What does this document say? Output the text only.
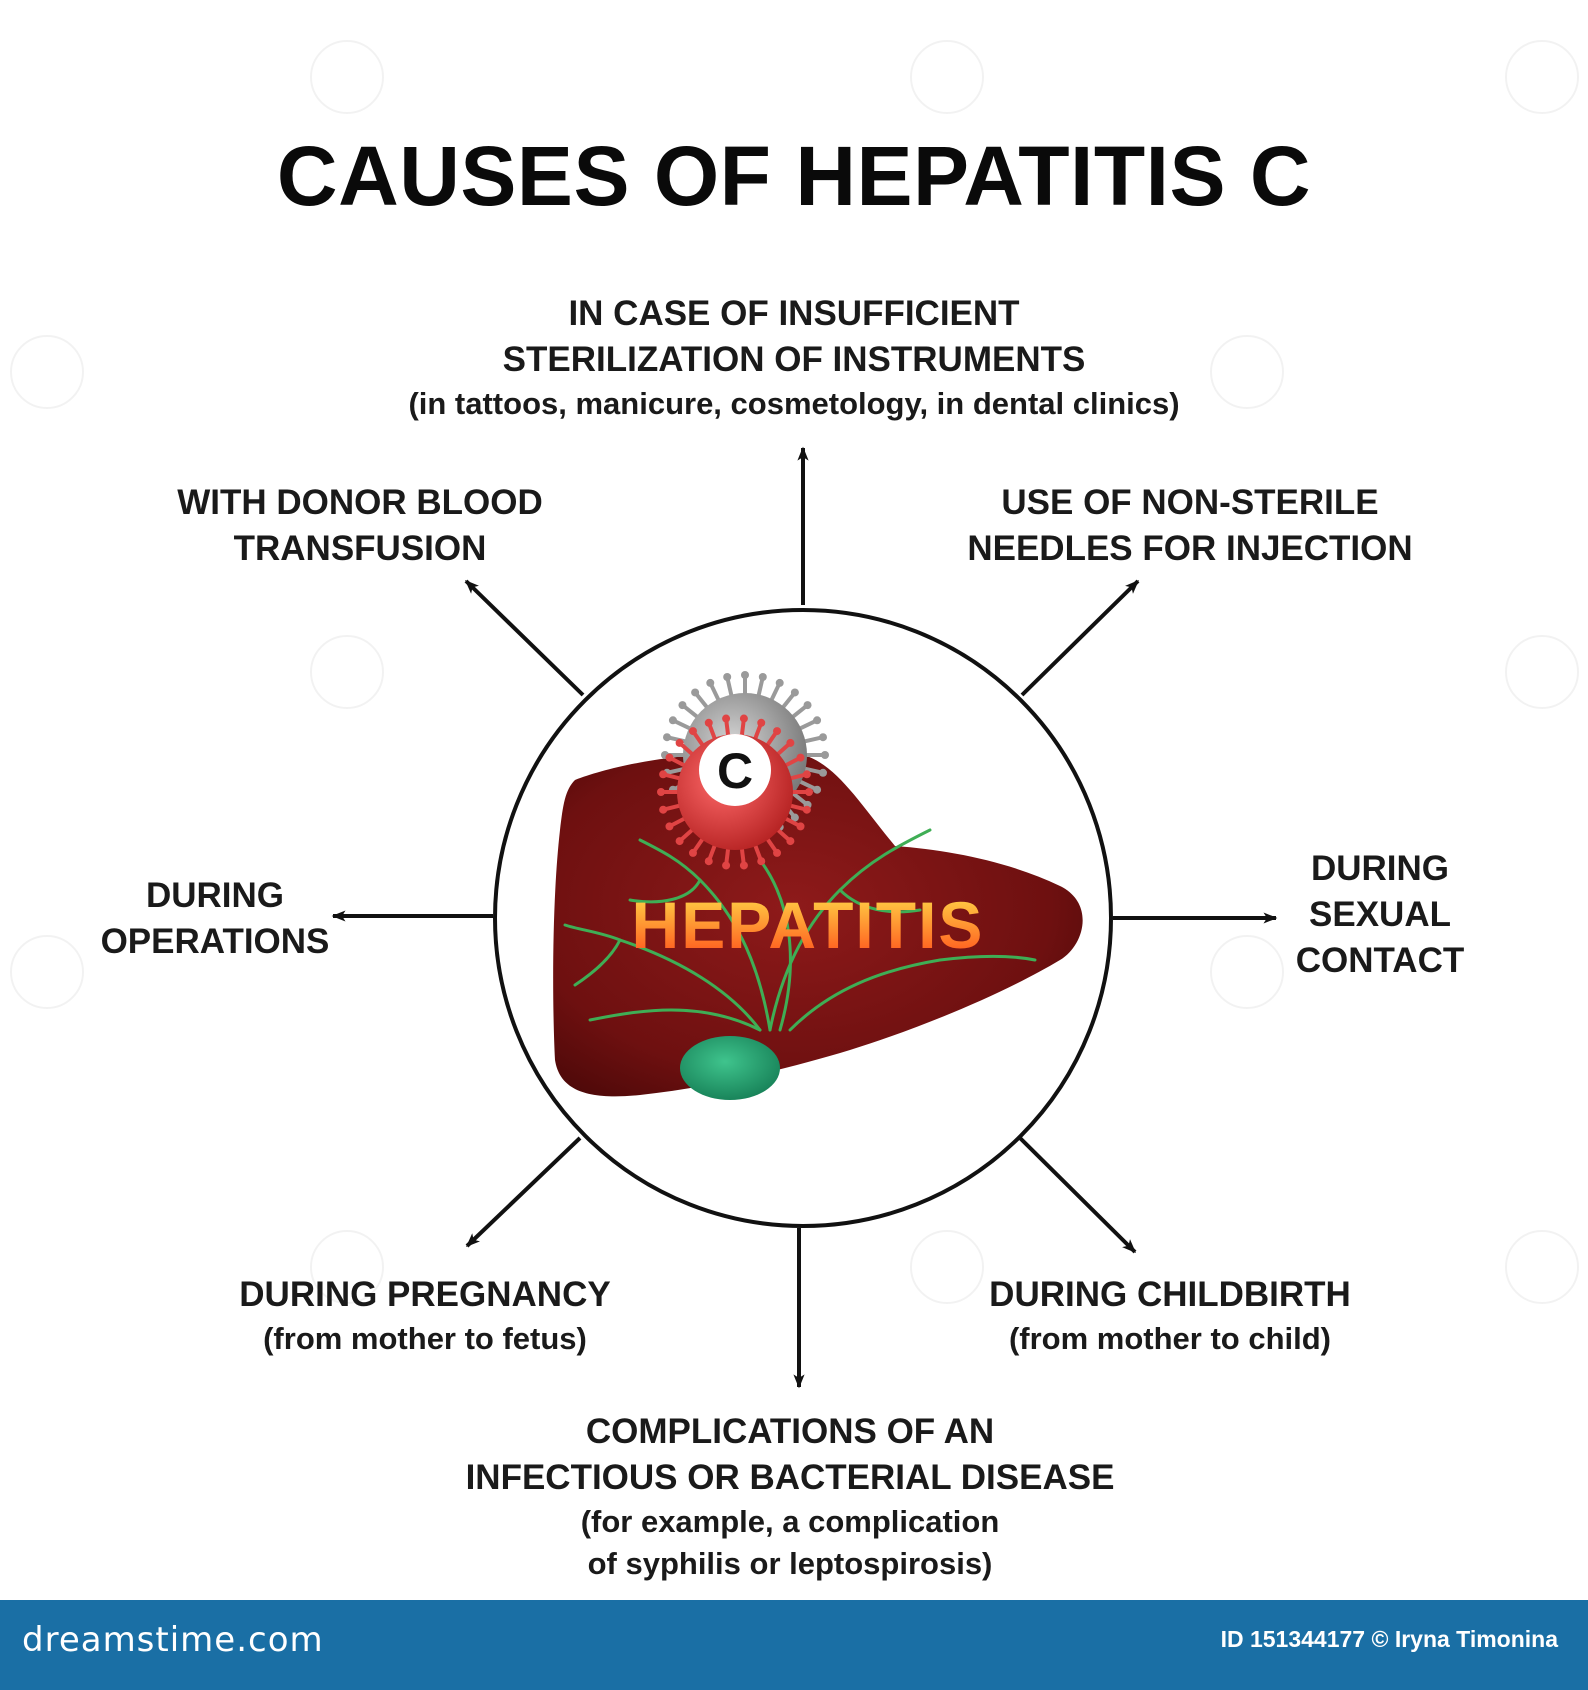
CAUSES OF HEPATITIS C
HEPATITIS
C
IN CASE OF INSUFFICIENT
STERILIZATION OF INSTRUMENTS
(in tattoos, manicure, cosmetology, in dental clinics)
WITH DONOR BLOOD
TRANSFUSION
USE OF NON-STERILE
NEEDLES FOR INJECTION
DURING
OPERATIONS
DURING
SEXUAL
CONTACT
DURING PREGNANCY
(from mother to fetus)
DURING CHILDBIRTH
(from mother to child)
COMPLICATIONS OF AN
INFECTIOUS OR BACTERIAL DISEASE
(for example, a complication
of syphilis or leptospirosis)
dreamstime.com	ID 151344177 © Iryna Timonina
